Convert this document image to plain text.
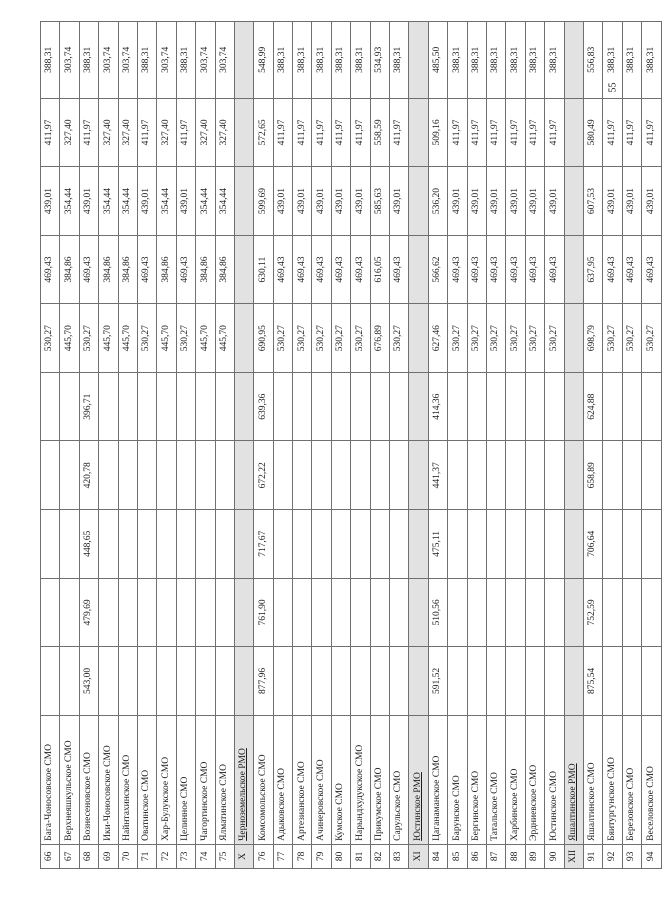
66	Бага-Чоносовское СМО						530,27	469,43	439,01	411,97	388,31
67	Верхнеяшкульское СМО						445,70	384,86	354,44	327,40	303,74
68	Вознесеновское СМО	543,00	479,69	448,65	420,78	396,71	530,27	469,43	439,01	411,97	388,31
69	Ики-Чоносовское СМО						445,70	384,86	354,44	327,40	303,74
70	Найнтахинское СМО						445,70	384,86	354,44	327,40	303,74
71	Оватинское СМО						530,27	469,43	439,01	411,97	388,31
72	Хар-Булукское СМО						445,70	384,86	354,44	327,40	303,74
73	Целинное СМО						530,27	469,43	439,01	411,97	388,31
74	Чагортинское СМО						445,70	384,86	354,44	327,40	303,74
75	Ялматинское СМО						445,70	384,86	354,44	327,40	303,74
X	Черноземельское РМО										
76	Комсомольское СМО	877,96	761,90	717,67	672,22	639,36	690,95	630,11	599,69	572,65	548,99
77	Адыковское СМО						530,27	469,43	439,01	411,97	388,31
78	Артезианское СМО						530,27	469,43	439,01	411,97	388,31
79	Ачинеровское СМО						530,27	469,43	439,01	411,97	388,31
80	Кумское СМО						530,27	469,43	439,01	411,97	388,31
81	Нарындхудукское СМО						530,27	469,43	439,01	411,97	388,31
82	Прикумское СМО						676,89	616,05	585,63	558,59	534,93
83	Сарульское СМО						530,27	469,43	439,01	411,97	388,31
XI	Юстинское РМО										
84	Цаганаманское СМО	591,52	510,56	475,11	441,37	414,36	627,46	566,62	536,20	509,16	485,50
85	Барунское СМО						530,27	469,43	439,01	411,97	388,31
86	Бергинское СМО						530,27	469,43	439,01	411,97	388,31
87	Татальское СМО						530,27	469,43	439,01	411,97	388,31
88	Харбинское СМО						530,27	469,43	439,01	411,97	388,31
89	Эрдниевское СМО						530,27	469,43	439,01	411,97	388,31
90	Юстинское СМО						530,27	469,43	439,01	411,97	388,31
XII	Яшалтинское РМО										
91	Яшалтинское СМО	875,54	752,59	706,64	658,89	624,88	698,79	637,95	607,53	580,49	556,83
92	Бяитургунское СМО						530,27	469,43	439,01	411,97	388,31
93	Березовское СМО						530,27	469,43	439,01	411,97	388,31
94	Веселовское СМО						530,27	469,43	439,01	411,97	388,31
55
